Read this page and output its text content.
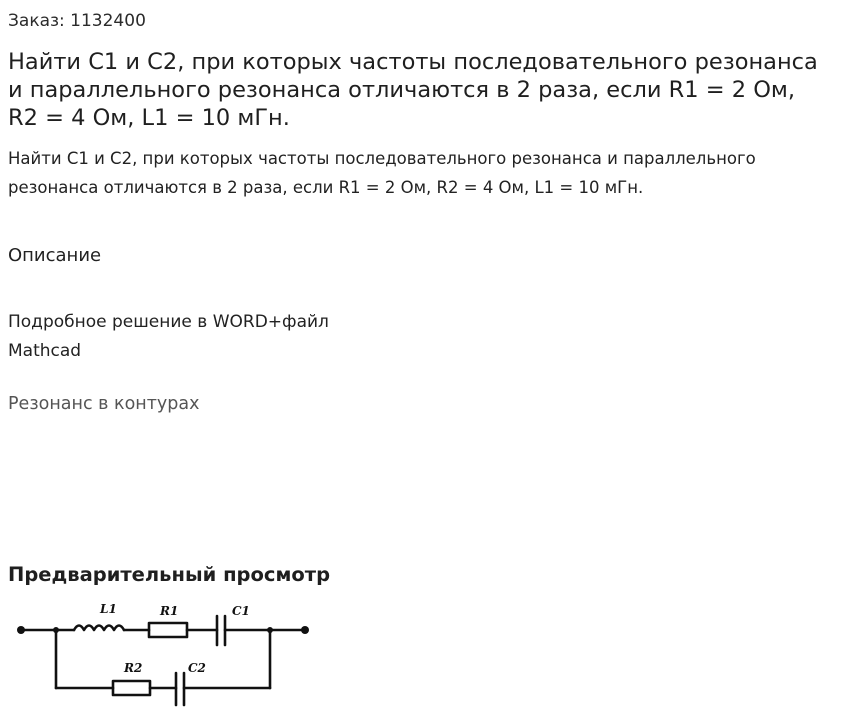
Заказ: 1132400
Найти С1 и С2, при которых частоты последовательного резонанса и параллельного резонанса отличаются в 2 раза, если R1 = 2 Ом, R2 = 4 Ом, L1 = 10 мГн.
Найти С1 и С2, при которых частоты последовательного резонанса и параллельного резонанса отличаются в 2 раза, если R1 = 2 Ом, R2 = 4 Ом, L1 = 10 мГн.
Описание
Подробное решение в WORD+файл
Mathcad
Резонанс в контурах
Предварительный просмотр
L1	R1	C1
R2	C2
